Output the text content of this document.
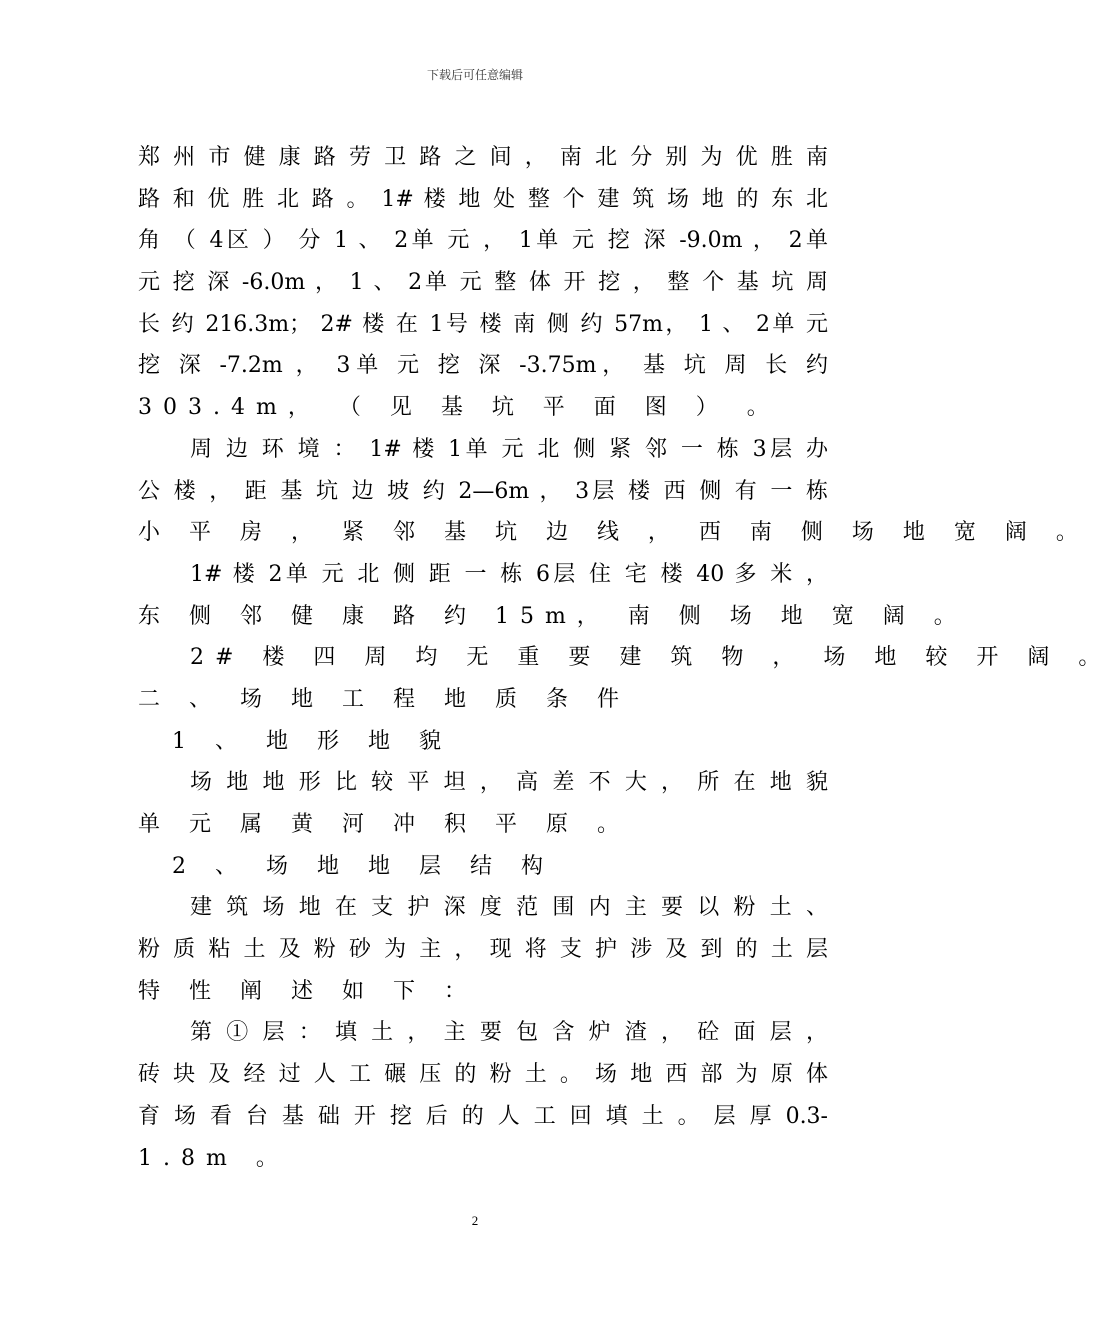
下载后可任意编辑
郑 州 市 健 康 路 劳 卫 路 之 间 ， 南 北 分 别 为 优 胜 南
路 和 优 胜 北 路 。 1# 楼 地 处 整 个 建 筑 场 地 的 东 北
角 （ 4区 ） 分 1 、 2单 元 ， 1单 元 挖 深 -9.0m ， 2单
元 挖 深 -6.0m ， 1 、 2单 元 整 体 开 挖 ， 整 个 基 坑 周
长 约 216.3m； 2# 楼 在 1号 楼 南 侧 约 57m， 1 、 2单 元
挖 深 -7.2m ， 3单 元 挖 深 -3.75m， 基 坑 周 长 约
303.4m， （ 见 基 坑 平 面 图 ） 。
周 边 环 境 ： 1# 楼 1单 元 北 侧 紧 邻 一 栋 3层 办
公 楼 ， 距 基 坑 边 坡 约 2—6m ， 3层 楼 西 侧 有 一 栋
小 平 房 ， 紧 邻 基 坑 边 线 ， 西 南 侧 场 地 宽 阔 。
1# 楼 2单 元 北 侧 距 一 栋 6层 住 宅 楼 40 多 米 ，
东 侧 邻 健 康 路 约 15m， 南 侧 场 地 宽 阔 。
2# 楼 四 周 均 无 重 要 建 筑 物 ， 场 地 较 开 阔 。
二 、 场 地 工 程 地 质 条 件
1 、 地 形 地 貌
场 地 地 形 比 较 平 坦 ， 高 差 不 大 ， 所 在 地 貌
单 元 属 黄 河 冲 积 平 原 。
2 、 场 地 地 层 结 构
建 筑 场 地 在 支 护 深 度 范 围 内 主 要 以 粉 土 、
粉 质 粘 土 及 粉 砂 为 主 ， 现 将 支 护 涉 及 到 的 土 层
特 性 阐 述 如 下 ：
第 ① 层 ： 填 土 ， 主 要 包 含 炉 渣 ， 砼 面 层 ，
砖 块 及 经 过 人 工 碾 压 的 粉 土 。 场 地 西 部 为 原 体
育 场 看 台 基 础 开 挖 后 的 人 工 回 填 土 。 层 厚 0.3-
1.8m 。
2
